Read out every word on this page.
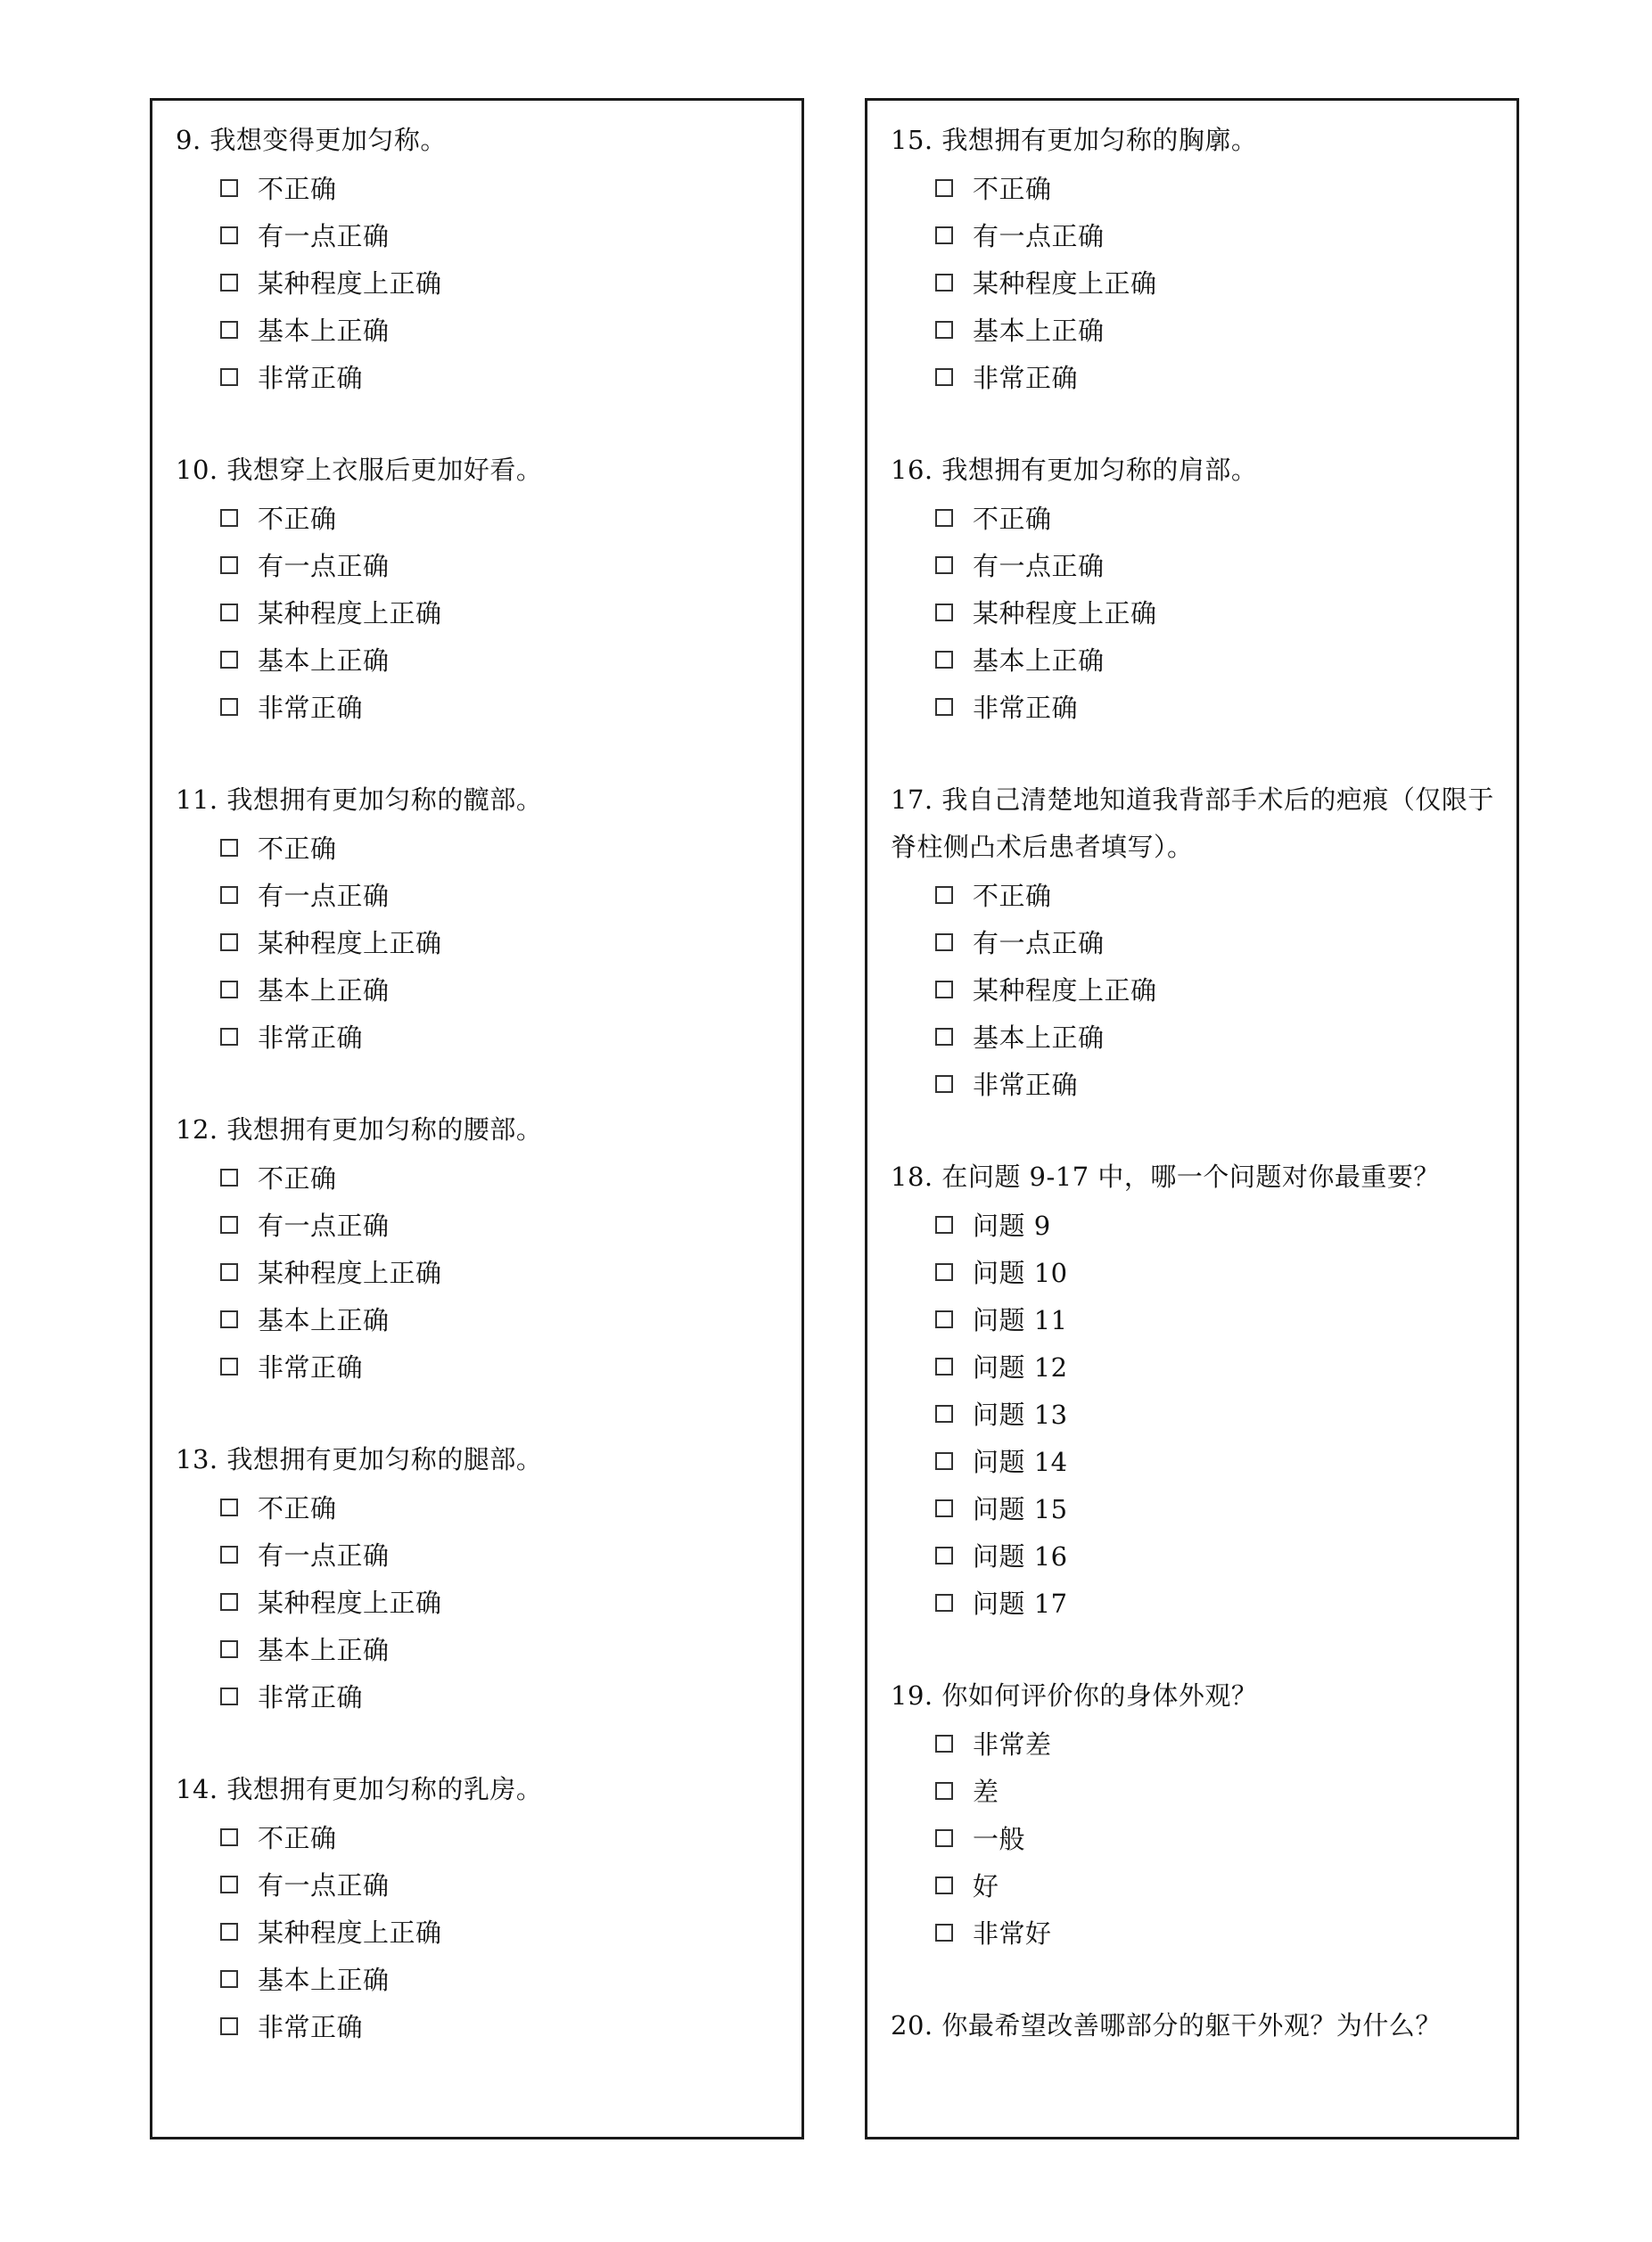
9. 我想变得更加匀称。
不正确
有一点正确
某种程度上正确
基本上正确
非常正确
10. 我想穿上衣服后更加好看。
不正确
有一点正确
某种程度上正确
基本上正确
非常正确
11. 我想拥有更加匀称的髋部。
不正确
有一点正确
某种程度上正确
基本上正确
非常正确
12. 我想拥有更加匀称的腰部。
不正确
有一点正确
某种程度上正确
基本上正确
非常正确
13. 我想拥有更加匀称的腿部。
不正确
有一点正确
某种程度上正确
基本上正确
非常正确
14. 我想拥有更加匀称的乳房。
不正确
有一点正确
某种程度上正确
基本上正确
非常正确
15. 我想拥有更加匀称的胸廓。
不正确
有一点正确
某种程度上正确
基本上正确
非常正确
16. 我想拥有更加匀称的肩部。
不正确
有一点正确
某种程度上正确
基本上正确
非常正确
17. 我自己清楚地知道我背部手术后的疤痕（仅限于脊柱侧凸术后患者填写）。
不正确
有一点正确
某种程度上正确
基本上正确
非常正确
18. 在问题 9-17 中，哪一个问题对你最重要？
问题 9
问题 10
问题 11
问题 12
问题 13
问题 14
问题 15
问题 16
问题 17
19. 你如何评价你的身体外观？
非常差
差
一般
好
非常好
20. 你最希望改善哪部分的躯干外观？为什么？
